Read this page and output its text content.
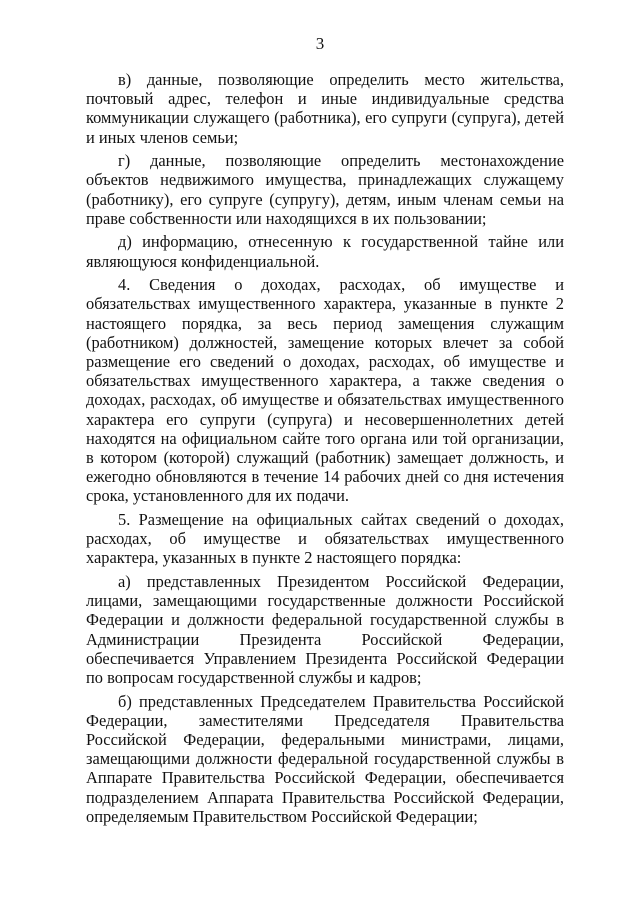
3

в) данные, позволяющие определить место жительства, почтовый адрес, телефон и иные индивидуальные средства коммуникации служащего (работника), его супруги (супруга), детей и иных членов семьи;

г) данные, позволяющие определить местонахождение объектов недвижимого имущества, принадлежащих служащему (работнику), его супруге (супругу), детям, иным членам семьи на праве собственности или находящихся в их пользовании;

д) информацию, отнесенную к государственной тайне или являющуюся конфиденциальной.

4. Сведения о доходах, расходах, об имуществе и обязательствах имущественного характера, указанные в пункте 2 настоящего порядка, за весь период замещения служащим (работником) должностей, замещение которых влечет за собой размещение его сведений о доходах, расходах, об имуществе и обязательствах имущественного характера, а также сведения о доходах, расходах, об имуществе и обязательствах имущественного характера его супруги (супруга) и несовершеннолетних детей находятся на официальном сайте того органа или той организации, в котором (которой) служащий (работник) замещает должность, и ежегодно обновляются в течение 14 рабочих дней со дня истечения срока, установленного для их подачи.

5. Размещение на официальных сайтах сведений о доходах, расходах, об имуществе и обязательствах имущественного характера, указанных в пункте 2 настоящего порядка:

а) представленных Президентом Российской Федерации, лицами, замещающими государственные должности Российской Федерации и должности федеральной государственной службы в Администрации Президента Российской Федерации, обеспечивается Управлением Президента Российской Федерации по вопросам государственной службы и кадров;

б) представленных Председателем Правительства Российской Федерации, заместителями Председателя Правительства Российской Федерации, федеральными министрами, лицами, замещающими должности федеральной государственной службы в Аппарате Правительства Российской Федерации, обеспечивается подразделением Аппарата Правительства Российской Федерации, определяемым Правительством Российской Федерации;
